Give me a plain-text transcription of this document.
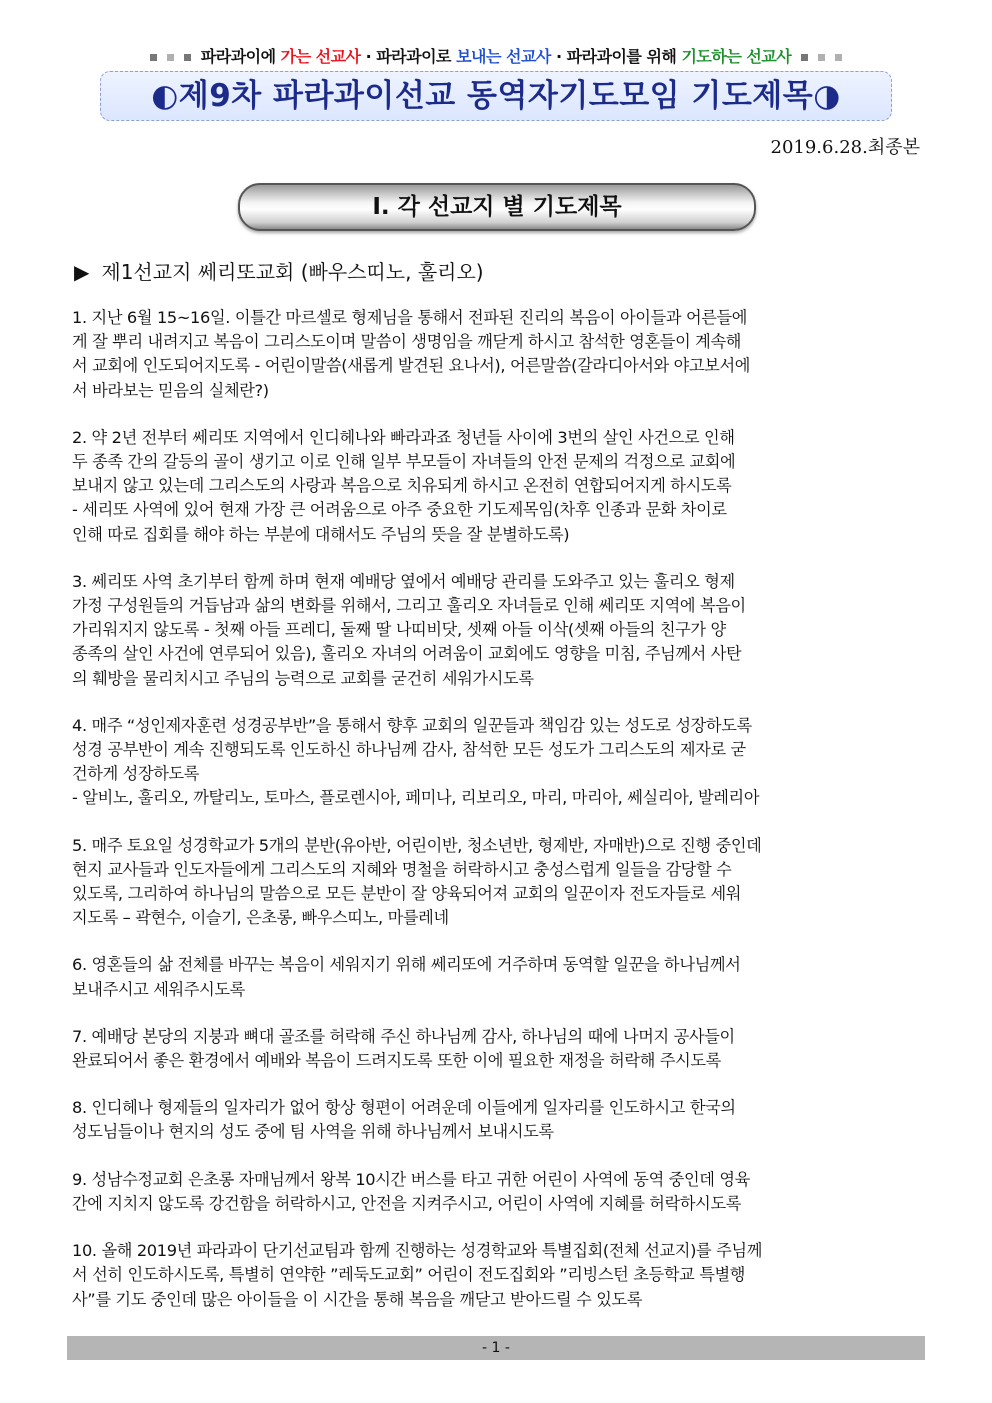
파라과이에 가는 선교사 · 파라과이로 보내는 선교사 · 파라과이를 위해 기도하는 선교사
◐제9차 파라과이선교 동역자기도모임 기도제목◑
2019.6.28.최종본
Ⅰ. 각 선교지 별 기도제목
▶ 제1선교지 쎄리또교회 (빠우스띠노, 훌리오)
1. 지난 6월 15~16일. 이틀간 마르셀로 형제님을 통해서 전파된 진리의 복음이 아이들과 어른들에
게 잘 뿌리 내려지고 복음이 그리스도이며 말씀이 생명임을 깨닫게 하시고 참석한 영혼들이 계속해
서 교회에 인도되어지도록 - 어린이말씀(새롭게 발견된 요나서), 어른말씀(갈라디아서와 야고보서에
서 바라보는 믿음의 실체란?)
2. 약 2년 전부터 쎄리또 지역에서 인디헤나와 빠라과죠 청년들 사이에 3번의 살인 사건으로 인해
두 종족 간의 갈등의 골이 생기고 이로 인해 일부 부모들이 자녀들의 안전 문제의 걱정으로 교회에
보내지 않고 있는데 그리스도의 사랑과 복음으로 치유되게 하시고 온전히 연합되어지게 하시도록
- 세리또 사역에 있어 현재 가장 큰 어려움으로 아주 중요한 기도제목임(차후 인종과 문화 차이로
인해 따로 집회를 해야 하는 부분에 대해서도 주님의 뜻을 잘 분별하도록)
3. 쎄리또 사역 초기부터 함께 하며 현재 예배당 옆에서 예배당 관리를 도와주고 있는 훌리오 형제
가정 구성원들의 거듭남과 삶의 변화를 위해서, 그리고 훌리오 자녀들로 인해 쎄리또 지역에 복음이
가리워지지 않도록 - 첫째 아들 프레디, 둘째 딸 나띠비닷, 셋째 아들 이삭(셋째 아들의 친구가 양
종족의 살인 사건에 연루되어 있음), 훌리오 자녀의 어려움이 교회에도 영향을 미침, 주님께서 사탄
의 훼방을 물리치시고 주님의 능력으로 교회를 굳건히 세워가시도록
4. 매주 “성인제자훈련 성경공부반”을 통해서 향후 교회의 일꾼들과 책임감 있는 성도로 성장하도록
성경 공부반이 계속 진행되도록 인도하신 하나님께 감사, 참석한 모든 성도가 그리스도의 제자로 굳
건하게 성장하도록
- 알비노, 훌리오, 까탈리노, 토마스, 플로렌시아, 페미나, 리보리오, 마리, 마리아, 쎄실리아, 발레리아
5. 매주 토요일 성경학교가 5개의 분반(유아반, 어린이반, 청소년반, 형제반, 자매반)으로 진행 중인데
현지 교사들과 인도자들에게 그리스도의 지혜와 명철을 허락하시고 충성스럽게 일들을 감당할 수
있도록, 그리하여 하나님의 말씀으로 모든 분반이 잘 양육되어져 교회의 일꾼이자 전도자들로 세워
지도록 – 곽현수, 이슬기, 은초롱, 빠우스띠노, 마를레네
6. 영혼들의 삶 전체를 바꾸는 복음이 세워지기 위해 쎄리또에 거주하며 동역할 일꾼을 하나님께서
보내주시고 세워주시도록
7. 예배당 본당의 지붕과 뼈대 골조를 허락해 주신 하나님께 감사, 하나님의 때에 나머지 공사들이
완료되어서 좋은 환경에서 예배와 복음이 드려지도록 또한 이에 필요한 재정을 허락해 주시도록
8. 인디헤나 형제들의 일자리가 없어 항상 형편이 어려운데 이들에게 일자리를 인도하시고 한국의
성도님들이나 현지의 성도 중에 팀 사역을 위해 하나님께서 보내시도록
9. 성남수정교회 은초롱 자매님께서 왕복 10시간 버스를 타고 귀한 어린이 사역에 동역 중인데 영육
간에 지치지 않도록 강건함을 허락하시고, 안전을 지켜주시고, 어린이 사역에 지혜를 허락하시도록
10. 올해 2019년 파라과이 단기선교팀과 함께 진행하는 성경학교와 특별집회(전체 선교지)를 주님께
서 선히 인도하시도록, 특별히 연약한 ”레둑도교회” 어린이 전도집회와 ”리빙스턴 초등학교 특별행
사”를 기도 중인데 많은 아이들을 이 시간을 통해 복음을 깨닫고 받아드릴 수 있도록
- 1 -
